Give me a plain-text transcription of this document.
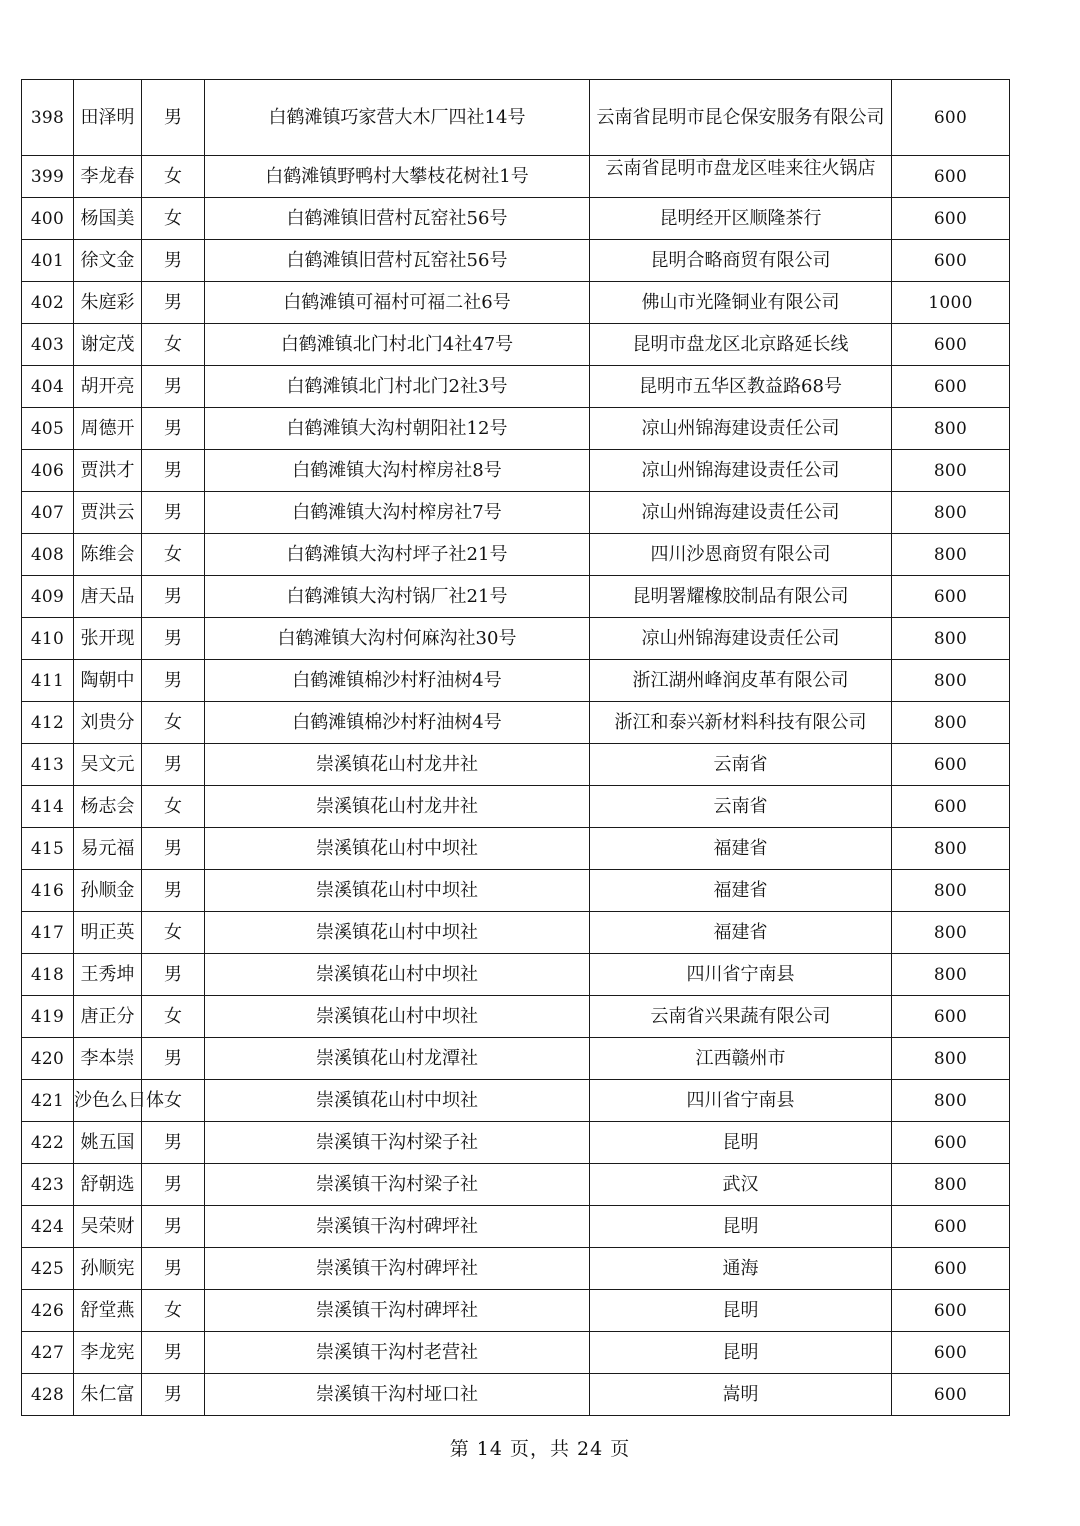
398	田泽明	男	白鹤滩镇巧家营大木厂四社14号	云南省昆明市昆仑保安服务有限公司	600
399	李龙春	女	白鹤滩镇野鸭村大攀枝花树社1号	云南省昆明市盘龙区哇来往火锅店	600
400	杨国美	女	白鹤滩镇旧营村瓦窑社56号	昆明经开区顺隆茶行	600
401	徐文金	男	白鹤滩镇旧营村瓦窑社56号	昆明合略商贸有限公司	600
402	朱庭彩	男	白鹤滩镇可福村可福二社6号	佛山市光隆铜业有限公司	1000
403	谢定茂	女	白鹤滩镇北门村北门4社47号	昆明市盘龙区北京路延长线	600
404	胡开亮	男	白鹤滩镇北门村北门2社3号	昆明市五华区教益路68号	600
405	周德开	男	白鹤滩镇大沟村朝阳社12号	凉山州锦海建设责任公司	800
406	贾洪才	男	白鹤滩镇大沟村榨房社8号	凉山州锦海建设责任公司	800
407	贾洪云	男	白鹤滩镇大沟村榨房社7号	凉山州锦海建设责任公司	800
408	陈维会	女	白鹤滩镇大沟村坪子社21号	四川沙恩商贸有限公司	800
409	唐天品	男	白鹤滩镇大沟村锅厂社21号	昆明署耀橡胶制品有限公司	600
410	张开现	男	白鹤滩镇大沟村何麻沟社30号	凉山州锦海建设责任公司	800
411	陶朝中	男	白鹤滩镇棉沙村籽油树4号	浙江湖州峰润皮革有限公司	800
412	刘贵分	女	白鹤滩镇棉沙村籽油树4号	浙江和泰兴新材料科技有限公司	800
413	吴文元	男	崇溪镇花山村龙井社	云南省	600
414	杨志会	女	崇溪镇花山村龙井社	云南省	600
415	易元福	男	崇溪镇花山村中坝社	福建省	800
416	孙顺金	男	崇溪镇花山村中坝社	福建省	800
417	明正英	女	崇溪镇花山村中坝社	福建省	800
418	王秀坤	男	崇溪镇花山村中坝社	四川省宁南县	800
419	唐正分	女	崇溪镇花山村中坝社	云南省兴果蔬有限公司	600
420	李本崇	男	崇溪镇花山村龙潭社	江西赣州市	800
421	沙色么日体	女	崇溪镇花山村中坝社	四川省宁南县	800
422	姚五国	男	崇溪镇干沟村梁子社	昆明	600
423	舒朝选	男	崇溪镇干沟村梁子社	武汉	800
424	吴荣财	男	崇溪镇干沟村碑坪社	昆明	600
425	孙顺宪	男	崇溪镇干沟村碑坪社	通海	600
426	舒堂燕	女	崇溪镇干沟村碑坪社	昆明	600
427	李龙宪	男	崇溪镇干沟村老营社	昆明	600
428	朱仁富	男	崇溪镇干沟村垭口社	嵩明	600
第 14 页，共 24 页
